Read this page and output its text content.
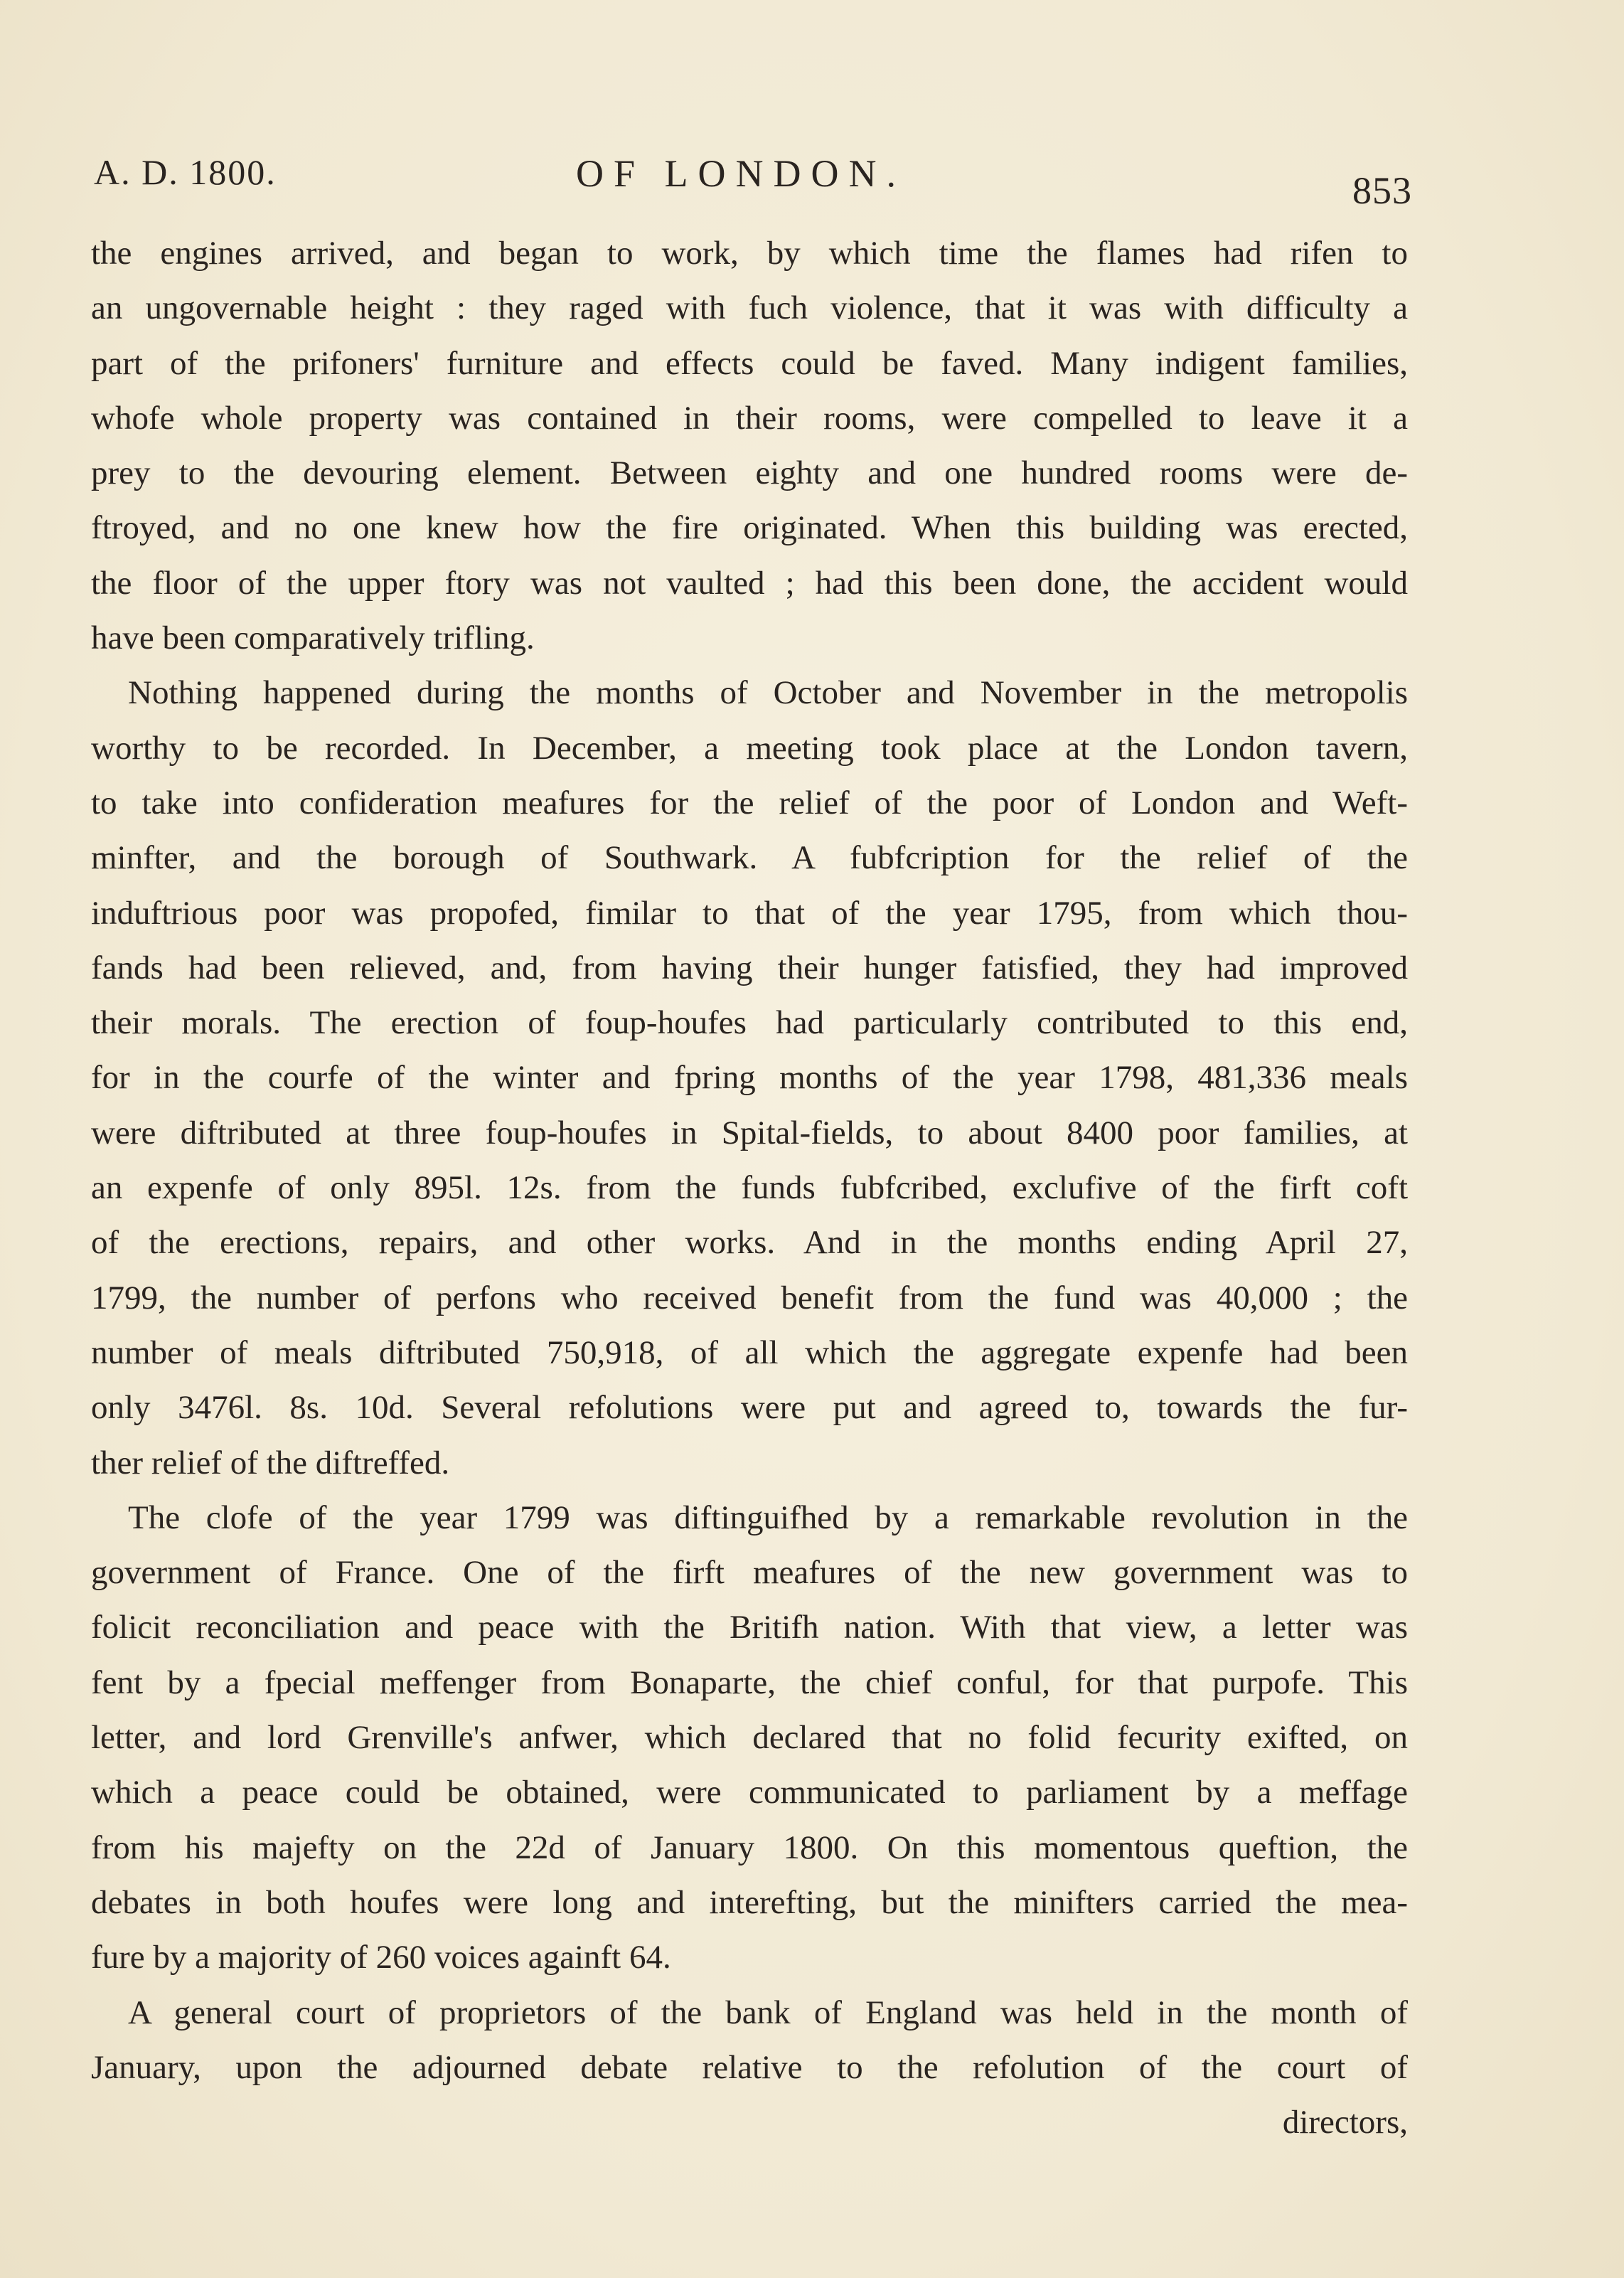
A. D. 1800.	OF LONDON.	853
the engines arrived, and began to work, by which time the flames had rifen to
an ungovernable height : they raged with fuch violence, that it was with difficulty a
part of the prifoners' furniture and effects could be faved. Many indigent families,
whofe whole property was contained in their rooms, were compelled to leave it a
prey to the devouring element. Between eighty and one hundred rooms were de-
ftroyed, and no one knew how the fire originated. When this building was erected,
the floor of the upper ftory was not vaulted ; had this been done, the accident would
have been comparatively trifling.
Nothing happened during the months of October and November in the metropolis
worthy to be recorded. In December, a meeting took place at the London tavern,
to take into confideration meafures for the relief of the poor of London and Weft-
minfter, and the borough of Southwark. A fubfcription for the relief of the
induftrious poor was propofed, fimilar to that of the year 1795, from which thou-
fands had been relieved, and, from having their hunger fatisfied, they had improved
their morals. The erection of foup-houfes had particularly contributed to this end,
for in the courfe of the winter and fpring months of the year 1798, 481,336 meals
were diftributed at three foup-houfes in Spital-fields, to about 8400 poor families, at
an expenfe of only 895l. 12s. from the funds fubfcribed, exclufive of the firft coft
of the erections, repairs, and other works. And in the months ending April 27,
1799, the number of perfons who received benefit from the fund was 40,000 ; the
number of meals diftributed 750,918, of all which the aggregate expenfe had been
only 3476l. 8s. 10d. Several refolutions were put and agreed to, towards the fur-
ther relief of the diftreffed.
The clofe of the year 1799 was diftinguifhed by a remarkable revolution in the
government of France. One of the firft meafures of the new government was to
folicit reconciliation and peace with the Britifh nation. With that view, a letter was
fent by a fpecial meffenger from Bonaparte, the chief conful, for that purpofe. This
letter, and lord Grenville's anfwer, which declared that no folid fecurity exifted, on
which a peace could be obtained, were communicated to parliament by a meffage
from his majefty on the 22d of January 1800. On this momentous queftion, the
debates in both houfes were long and interefting, but the minifters carried the mea-
fure by a majority of 260 voices againft 64.
A general court of proprietors of the bank of England was held in the month of
January, upon the adjourned debate relative to the refolution of the court of
directors,
